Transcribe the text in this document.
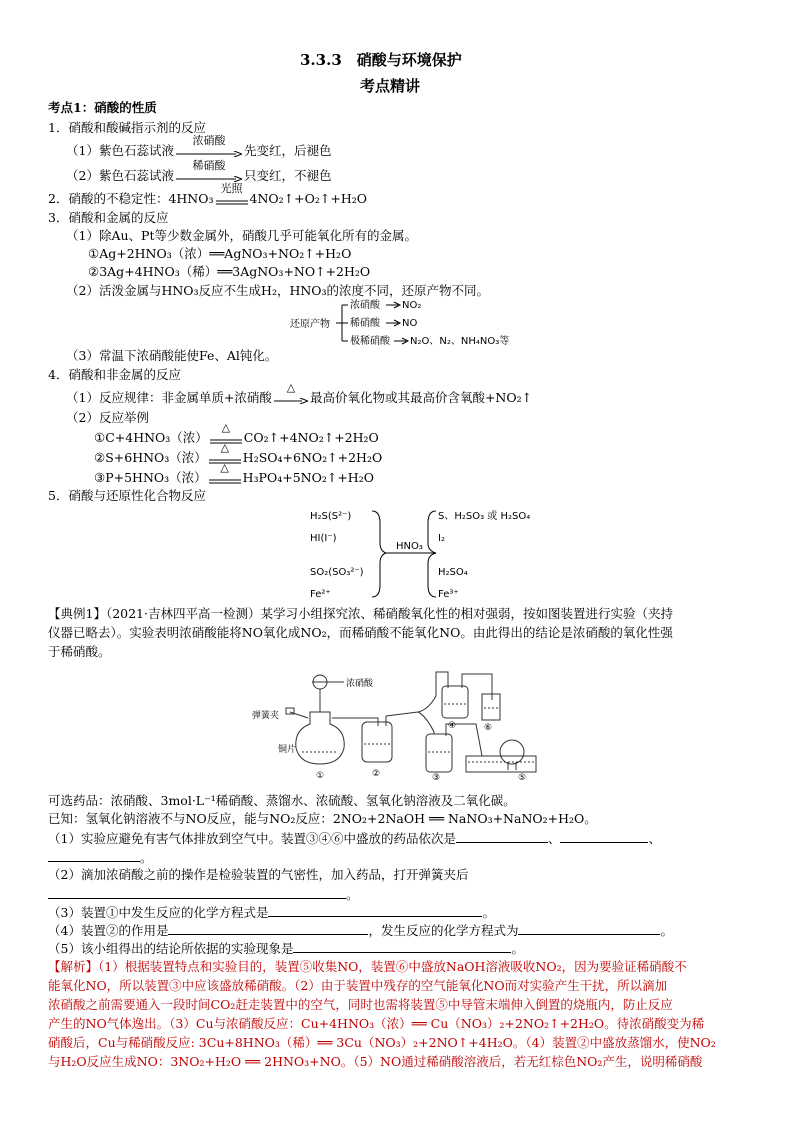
3.3.3　硝酸与环境保护
考点精讲
考点1：硝酸的性质
1．硝酸和酸碱指示剂的反应
（1）紫色石蕊试液
浓硝酸
先变红，后褪色
（2）紫色石蕊试液
稀硝酸
只变红，不褪色
2．硝酸的不稳定性：4HNO₃
光照
4NO₂↑+O₂↑+H₂O
3．硝酸和金属的反应
（1）除Au、Pt等少数金属外，硝酸几乎可能氧化所有的金属。
①Ag+2HNO₃（浓）══AgNO₃+NO₂↑+H₂O
②3Ag+4HNO₃（稀）══3AgNO₃+NO↑+2H₂O
（2）活泼金属与HNO₃反应不生成H₂，HNO₃的浓度不同，还原产物不同。
还原产物
浓硝酸 NO₂
稀硝酸 NO
极稀硝酸 N₂O、N₂、NH₄NO₃等
（3）常温下浓硝酸能使Fe、Al钝化。
4．硝酸和非金属的反应
（1）反应规律：非金属单质+浓硝酸
△
最高价氧化物或其最高价含氧酸+NO₂↑
（2）反应举例
①C+4HNO₃（浓）
△
CO₂↑+4NO₂↑+2H₂O
②S+6HNO₃（浓）
△
H₂SO₄+6NO₂↑+2H₂O
③P+5HNO₃（浓）
△
H₃PO₄+5NO₂↑+H₂O
5．硝酸与还原性化合物反应
H₂S(S²⁻)
HI(I⁻)
SO₂(SO₃²⁻)
Fe²⁺
HNO₃
S、H₂SO₃ 或 H₂SO₄
I₂
H₂SO₄
Fe³⁺
【典例1】（2021·吉林四平高一检测）某学习小组探究浓、稀硝酸氧化性的相对强弱，按如图装置进行实验（夹持
仪器已略去）。实验表明浓硝酸能将NO氧化成NO₂，而稀硝酸不能氧化NO。由此得出的结论是浓硝酸的氧化性强
于稀硝酸。
浓硝酸
弹簧夹
铜片
①	②
④	⑥
③	⑤
可选药品：浓硝酸、3mol·L⁻¹稀硝酸、蒸馏水、浓硫酸、氢氧化钠溶液及二氧化碳。
已知：氢氧化钠溶液不与NO反应，能与NO₂反应：2NO₂+2NaOH ══ NaNO₃+NaNO₂+H₂O。
（1）实验应避免有害气体排放到空气中。装置③④⑥中盛放的药品依次是	、	、
。
（2）滴加浓硝酸之前的操作是检验装置的气密性，加入药品，打开弹簧夹后
。
（3）装置①中发生反应的化学方程式是	。
（4）装置②的作用是	，发生反应的化学方程式为	。
（5）该小组得出的结论所依据的实验现象是	。
【解析】（1）根据装置特点和实验目的，装置⑤收集NO，装置⑥中盛放NaOH溶液吸收NO₂，因为要验证稀硝酸不
能氧化NO，所以装置③中应该盛放稀硝酸。（2）由于装置中残存的空气能氧化NO而对实验产生干扰，所以滴加
浓硝酸之前需要通入一段时间CO₂赶走装置中的空气，同时也需将装置⑤中导管末端伸入倒置的烧瓶内，防止反应
产生的NO气体逸出。（3）Cu与浓硝酸反应：Cu+4HNO₃（浓）══ Cu（NO₃）₂+2NO₂↑+2H₂O。待浓硝酸变为稀
硝酸后，Cu与稀硝酸反应: 3Cu+8HNO₃（稀）══ 3Cu（NO₃）₂+2NO↑+4H₂O。（4）装置②中盛放蒸馏水，使NO₂
与H₂O反应生成NO：3NO₂+H₂O ══ 2HNO₃+NO。（5）NO通过稀硝酸溶液后，若无红棕色NO₂产生，说明稀硝酸
